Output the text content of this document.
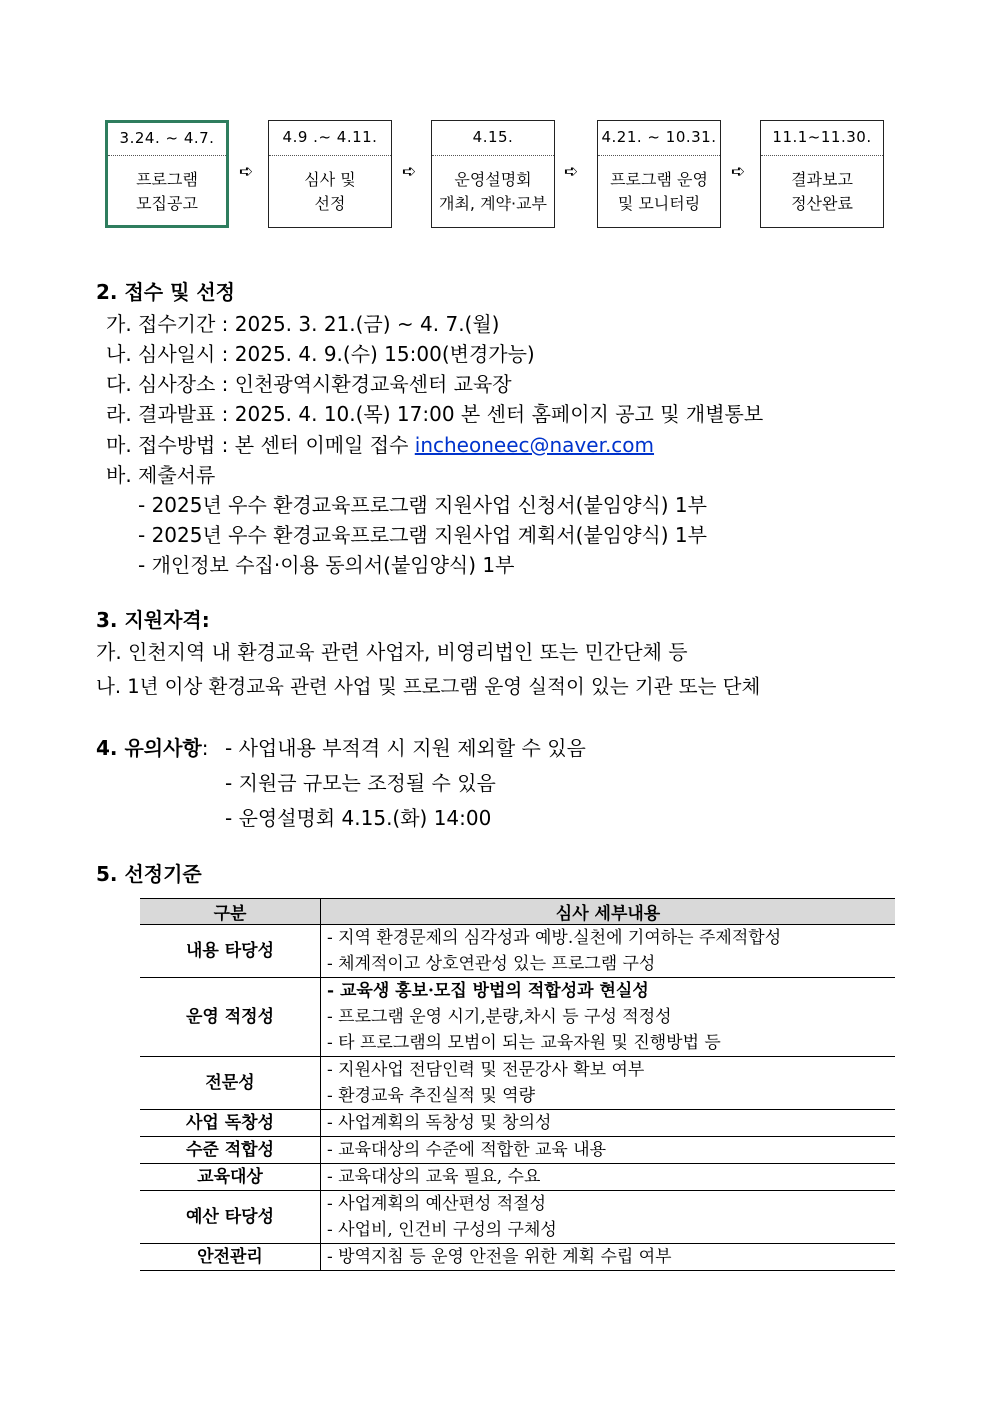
3.24. ~ 4.7.
프로그램
모집공고
➪
4.9 .~ 4.11.
심사 및
선정
➪
4.15.
운영설명회
개최, 계약·교부
➪
4.21. ~ 10.31.
프로그램 운영
및 모니터링
➪
11.1~11.30.
결과보고
정산완료
2. 접수 및 선정
가. 접수기간 : 2025. 3. 21.(금) ~ 4. 7.(월)
나. 심사일시 : 2025. 4. 9.(수) 15:00(변경가능)
다. 심사장소 : 인천광역시환경교육센터 교육장
라. 결과발표 : 2025. 4. 10.(목) 17:00 본 센터 홈페이지 공고 및 개별통보
마. 접수방법 : 본 센터 이메일 접수 incheoneec@naver.com
바. 제출서류
- 2025년 우수 환경교육프로그램 지원사업 신청서(붙임양식) 1부
- 2025년 우수 환경교육프로그램 지원사업 계획서(붙임양식) 1부
- 개인정보 수집·이용 동의서(붙임양식) 1부
3. 지원자격:
가. 인천지역 내 환경교육 관련 사업자, 비영리법인 또는 민간단체 등
나. 1년 이상 환경교육 관련 사업 및 프로그램 운영 실적이 있는 기관 또는 단체
4. 유의사항: - 사업내용 부적격 시 지원 제외할 수 있음
- 지원금 규모는 조정될 수 있음
- 운영설명회 4.15.(화) 14:00
5. 선정기준
구분	심사 세부내용
내용 타당성	- 지역 환경문제의 심각성과 예방.실천에 기여하는 주제적합성
- 체계적이고 상호연관성 있는 프로그램 구성

운영 적정성	- 교육생 홍보·모집 방법의 적합성과 현실성
- 프로그램 운영 시기,분량,차시 등 구성 적정성
- 타 프로그램의 모범이 되는 교육자원 및 진행방법 등

전문성	- 지원사업 전담인력 및 전문강사 확보 여부
- 환경교육 추진실적 및 역량

사업 독창성	- 사업계획의 독창성 및 창의성

수준 적합성	- 교육대상의 수준에 적합한 교육 내용

교육대상	- 교육대상의 교육 필요, 수요

예산 타당성	- 사업계획의 예산편성 적절성
- 사업비, 인건비 구성의 구체성

안전관리	- 방역지침 등 운영 안전을 위한 계획 수립 여부
